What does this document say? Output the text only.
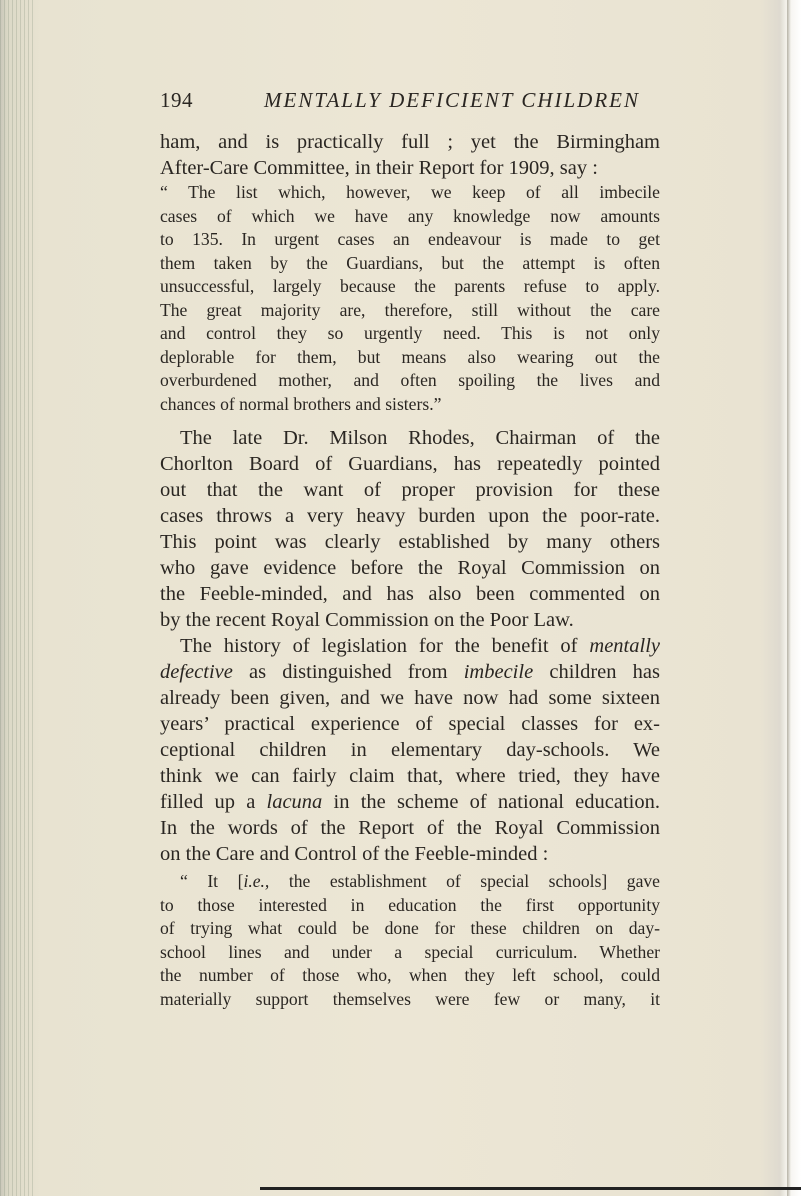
194	MENTALLY DEFICIENT CHILDREN
ham, and is practically full ; yet the Birmingham
After-Care Committee, in their Report for 1909, say :
“ The list which, however, we keep of all imbecile
cases of which we have any knowledge now amounts
to 135. In urgent cases an endeavour is made to get
them taken by the Guardians, but the attempt is often
unsuccessful, largely because the parents refuse to apply.
The great majority are, therefore, still without the care
and control they so urgently need. This is not only
deplorable for them, but means also wearing out the
overburdened mother, and often spoiling the lives and
chances of normal brothers and sisters.”
The late Dr. Milson Rhodes, Chairman of the
Chorlton Board of Guardians, has repeatedly pointed
out that the want of proper provision for these
cases throws a very heavy burden upon the poor-rate.
This point was clearly established by many others
who gave evidence before the Royal Commission on
the Feeble-minded, and has also been commented on
by the recent Royal Commission on the Poor Law.
The history of legislation for the benefit of mentally
defective as distinguished from imbecile children has
already been given, and we have now had some sixteen
years’ practical experience of special classes for ex-
ceptional children in elementary day-schools. We
think we can fairly claim that, where tried, they have
filled up a lacuna in the scheme of national education.
In the words of the Report of the Royal Commission
on the Care and Control of the Feeble-minded :
“ It [i.e., the establishment of special schools] gave
to those interested in education the first opportunity
of trying what could be done for these children on day-
school lines and under a special curriculum. Whether
the number of those who, when they left school, could
materially support themselves were few or many, it
